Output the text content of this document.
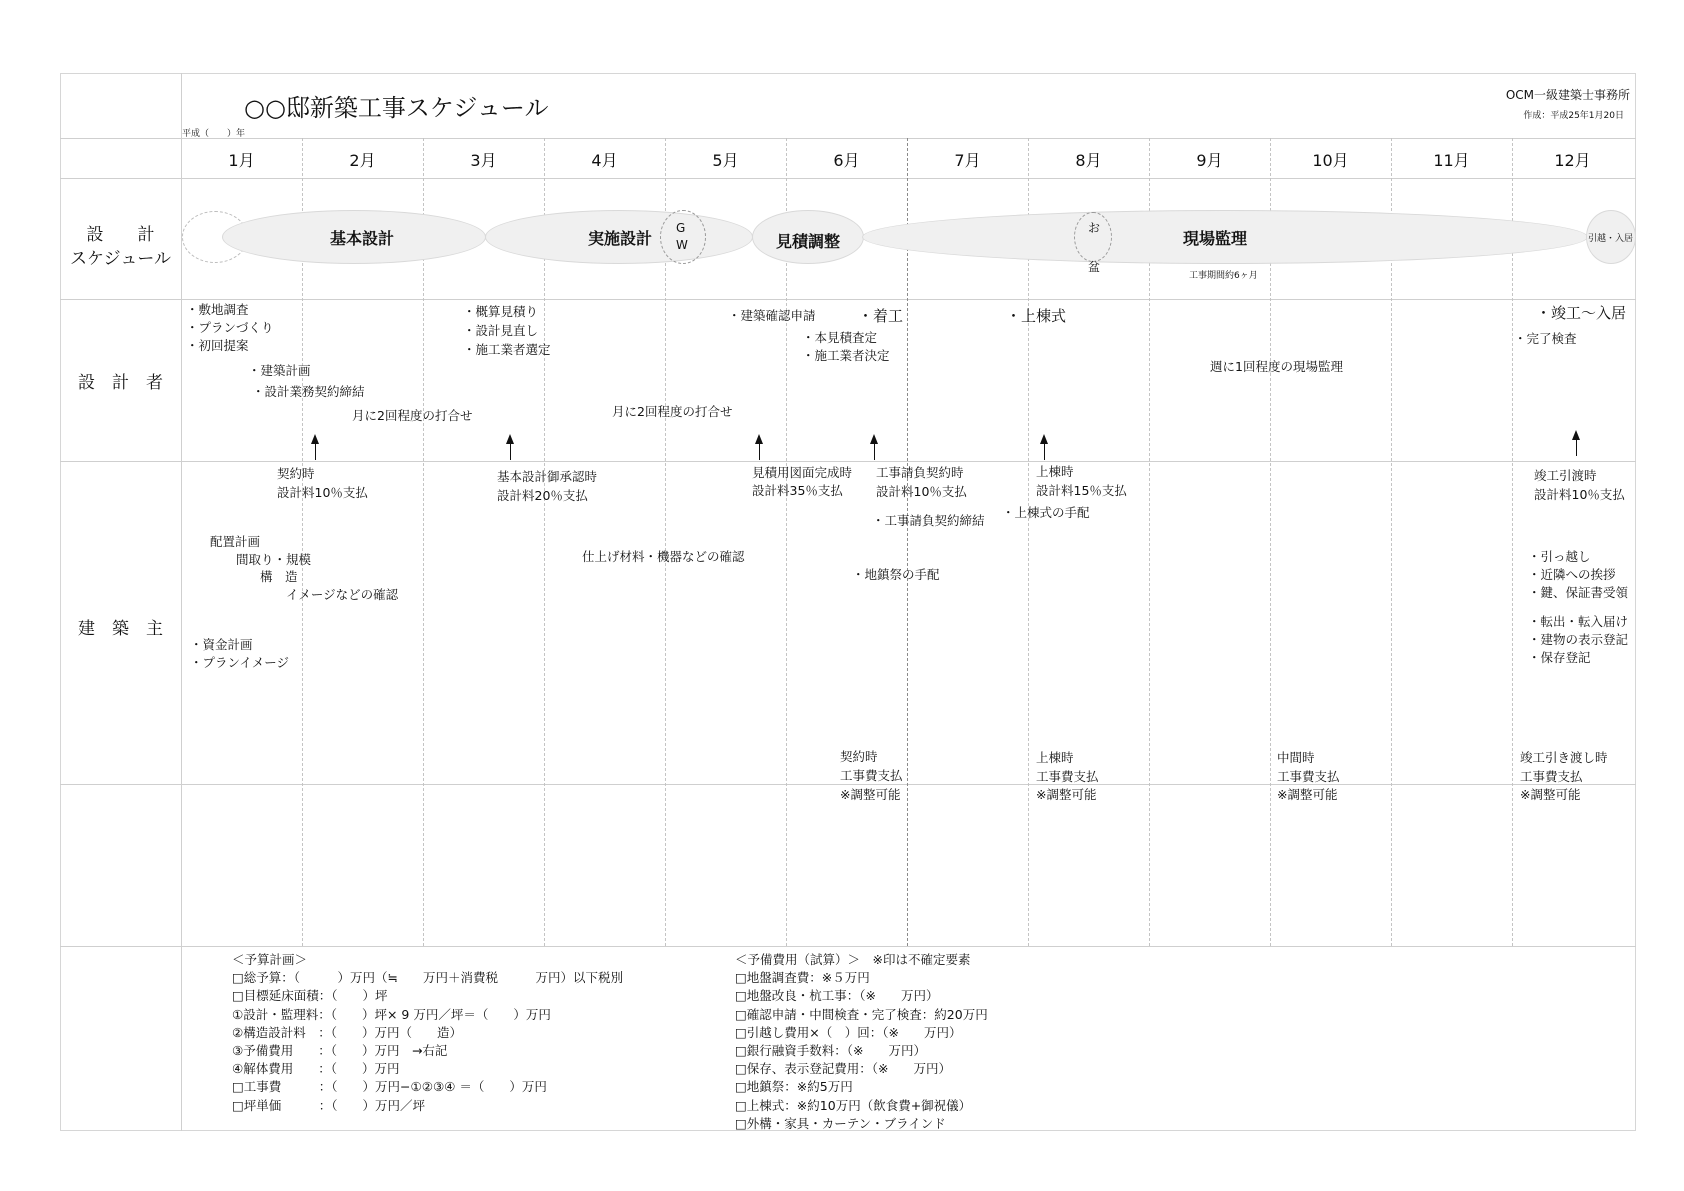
○○邸新築工事スケジュール
平成（　　）年
OCM一級建築士事務所
作成：平成25年1月20日
1月	2月	3月	4月	5月	6月	7月	8月	9月	10月	11月	12月
設　　計
スケジュール
設　計　者
建　築　主
基本設計	実施設計
G
W	見積調整
お
盆
現場監理
工事期間約6ヶ月
引越・入居
・敷地調査
・プランづくり
・初回提案
・建築計画
・設計業務契約締結
月に2回程度の打合せ
・概算見積り
・設計見直し
・施工業者選定
月に2回程度の打合せ
・建築確認申請	・着工
・本見積査定
・施工業者決定
・上棟式
週に1回程度の現場監理
・竣工〜入居
・完了検査
契約時
設計料10％支払
基本設計御承認時
設計料20％支払
見積用図面完成時
設計料35％支払
工事請負契約時
設計料10％支払
上棟時
設計料15％支払
竣工引渡時
設計料10％支払
配置計画
間取り・規模
構　造
イメージなどの確認
・資金計画
・プランイメージ
仕上げ材料・機器などの確認
・工事請負契約締結
・地鎮祭の手配
・上棟式の手配
・引っ越し
・近隣への挨拶
・鍵、保証書受領
・転出・転入届け
・建物の表示登記
・保存登記
契約時
工事費支払
※調整可能
上棟時
工事費支払
※調整可能
中間時
工事費支払
※調整可能
竣工引き渡し時
工事費支払
※調整可能
＜予算計画＞
□総予算：（　　　）万円（≒　　万円＋消費税　　　万円）以下税別
□目標延床面積：（　　）坪
①設計・監理料：（　　）坪× 9 万円／坪＝（　　）万円
②構造設計料　：（　　）万円（　　造）
③予備費用　　：（　　）万円　→右記
④解体費用　　：（　　）万円
□工事費　　　：（　　）万円−①②③④ ＝（　　）万円
□坪単価　　　：（　　）万円／坪
＜予備費用（試算）＞　※印は不確定要素
□地盤調査費：※５万円
□地盤改良・杭工事：（※　　万円）
□確認申請・中間検査・完了検査：約20万円
□引越し費用×（　）回：（※　　万円）
□銀行融資手数料：（※　　万円）
□保存、表示登記費用：（※　　万円）
□地鎮祭：※約5万円
□上棟式：※約10万円（飲食費+御祝儀）
□外構・家具・カーテン・ブラインド
